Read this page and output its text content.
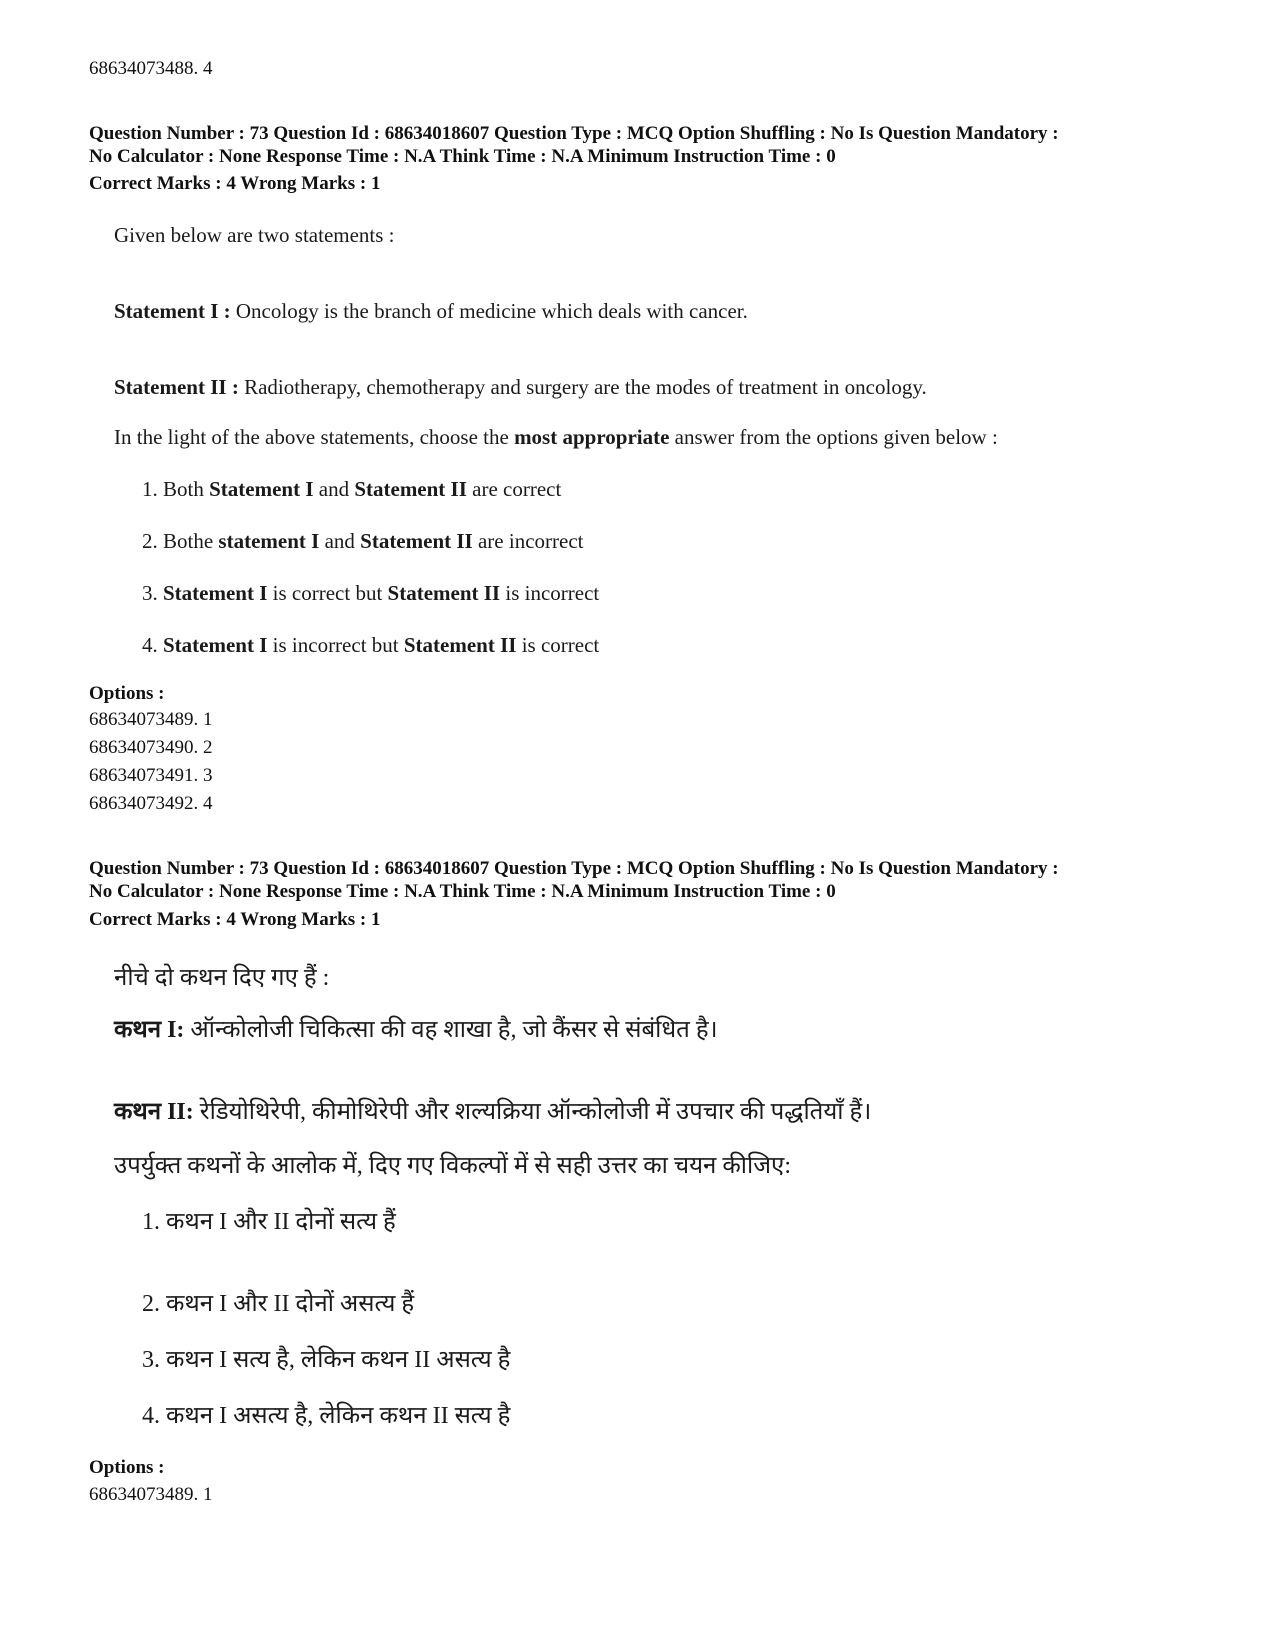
68634073488. 4
Question Number : 73 Question Id : 68634018607 Question Type : MCQ Option Shuffling : No Is Question Mandatory :
No Calculator : None Response Time : N.A Think Time : N.A Minimum Instruction Time : 0
Correct Marks : 4 Wrong Marks : 1
Given below are two statements :
Statement I : Oncology is the branch of medicine which deals with cancer.
Statement II : Radiotherapy, chemotherapy and surgery are the modes of treatment in oncology.
In the light of the above statements, choose the most appropriate answer from the options given below :
1. Both Statement I and Statement II are correct
2. Bothe statement I and Statement II are incorrect
3. Statement I is correct but Statement II is incorrect
4. Statement I is incorrect but Statement II is correct
Options :
68634073489. 1
68634073490. 2
68634073491. 3
68634073492. 4
Question Number : 73 Question Id : 68634018607 Question Type : MCQ Option Shuffling : No Is Question Mandatory :
No Calculator : None Response Time : N.A Think Time : N.A Minimum Instruction Time : 0
Correct Marks : 4 Wrong Marks : 1
नीचे दो कथन दिए गए हैं :
कथन I: ऑन्कोलोजी चिकित्सा की वह शाखा है, जो कैंसर से संबंधित है।
कथन II: रेडियोथिरेपी, कीमोथिरेपी और शल्यक्रिया ऑन्कोलोजी में उपचार की पद्धतियाँ हैं।
उपर्युक्त कथनों के आलोक में, दिए गए विकल्पों में से सही उत्तर का चयन कीजिए:
1. कथन I और II दोनों सत्य हैं
2. कथन I और II दोनों असत्य हैं
3. कथन I सत्य है, लेकिन कथन II असत्य है
4. कथन I असत्य है, लेकिन कथन II सत्य है
Options :
68634073489. 1
